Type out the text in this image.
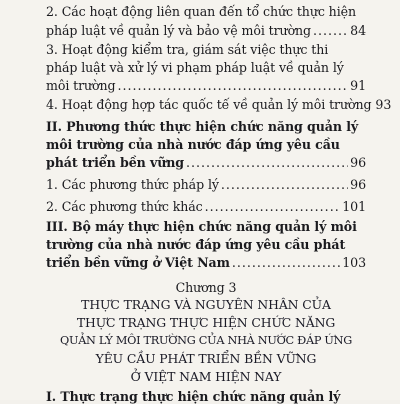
2. Các hoạt động liên quan đến tổ chức thực hiện
pháp luật về quản lý và bảo vệ môi trường .....	84
3. Hoạt động kiểm tra, giám sát việc thực thi
pháp luật và xử lý vi phạm pháp luật về quản lý
môi trường .....	91
4. Hoạt động hợp tác quốc tế về quản lý môi trường 93
II. Phương thức thực hiện chức năng quản lý
môi trường của nhà nước đáp ứng yêu cầu
phát triển bền vững .....	96
1. Các phương thức pháp lý .....	96
2. Các phương thức khác .....	101
III. Bộ máy thực hiện chức năng quản lý môi
trường của nhà nước đáp ứng yêu cầu phát
triển bền vững ở Việt Nam .....	103
Chương 3
THỰC TRẠNG VÀ NGUYÊN NHÂN CỦA
THỰC TRẠNG THỰC HIỆN CHỨC NĂNG
QUẢN LÝ MÔI TRƯỜNG CỦA NHÀ NƯỚC ĐÁP ỨNG
YÊU CẦU PHÁT TRIỂN BỀN VỮNG
Ở VIỆT NAM HIỆN NAY
I. Thực trạng thực hiện chức năng quản lý
